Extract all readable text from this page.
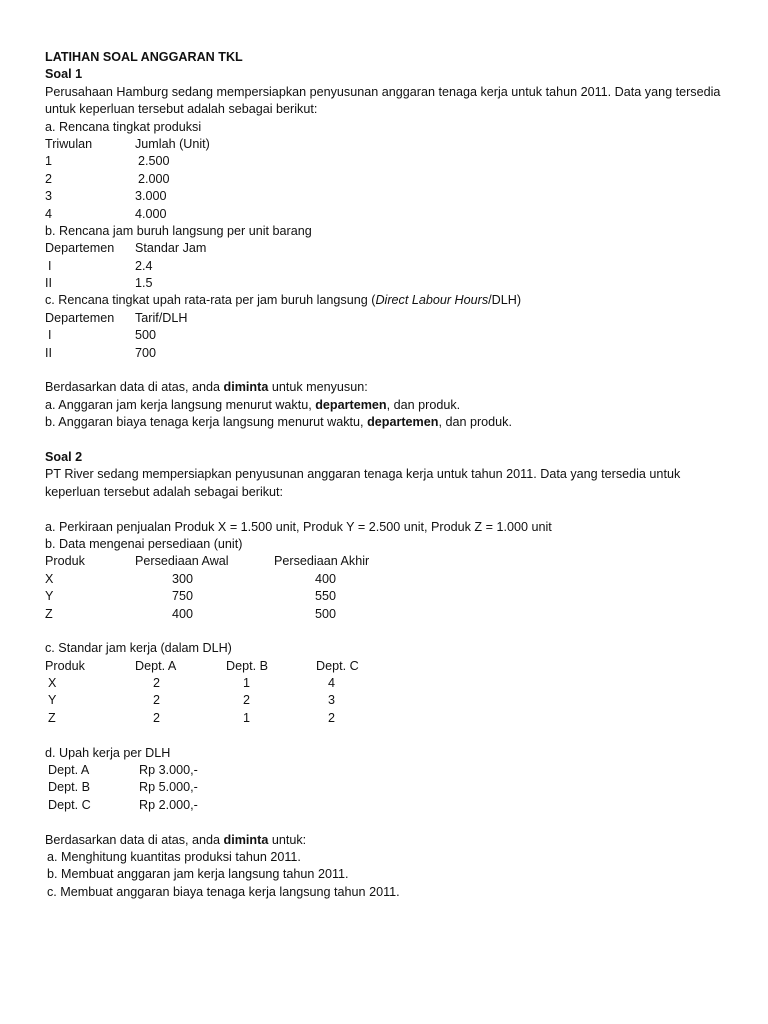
LATIHAN SOAL ANGGARAN TKL
Soal 1
Perusahaan Hamburg sedang mempersiapkan penyusunan anggaran tenaga kerja untuk tahun 2011. Data yang tersedia
untuk keperluan tersebut adalah sebagai berikut:
a. Rencana tingkat produksi
Triwulan	Jumlah (Unit)
1	2.500
2	2.000
3	3.000
4	4.000
b. Rencana jam buruh langsung per unit barang
Departemen Standar Jam
I	2.4
II	1.5
c. Rencana tingkat upah rata-rata per jam buruh langsung (Direct Labour Hours/DLH)
Departemen Tarif/DLH
I	500
II	700
Berdasarkan data di atas, anda diminta untuk menyusun:
a. Anggaran jam kerja langsung menurut waktu, departemen, dan produk.
b. Anggaran biaya tenaga kerja langsung menurut waktu, departemen, dan produk.
Soal 2
PT River sedang mempersiapkan penyusunan anggaran tenaga kerja untuk tahun 2011. Data yang tersedia untuk
keperluan tersebut adalah sebagai berikut:
a. Perkiraan penjualan Produk X = 1.500 unit, Produk Y = 2.500 unit, Produk Z = 1.000 unit
b. Data mengenai persediaan (unit)
Produk	Persediaan Awal	Persediaan Akhir
X	300	400
Y	750	550
Z	400	500
c. Standar jam kerja (dalam DLH)
Produk	Dept. A	Dept. B	Dept. C
X	2	1	4
Y	2	2	3
Z	2	1	2
d. Upah kerja per DLH
Dept. A	Rp 3.000,-
Dept. B	Rp 5.000,-
Dept. C	Rp 2.000,-
Berdasarkan data di atas, anda diminta untuk:
a. Menghitung kuantitas produksi tahun 2011.
b. Membuat anggaran jam kerja langsung tahun 2011.
c. Membuat anggaran biaya tenaga kerja langsung tahun 2011.
